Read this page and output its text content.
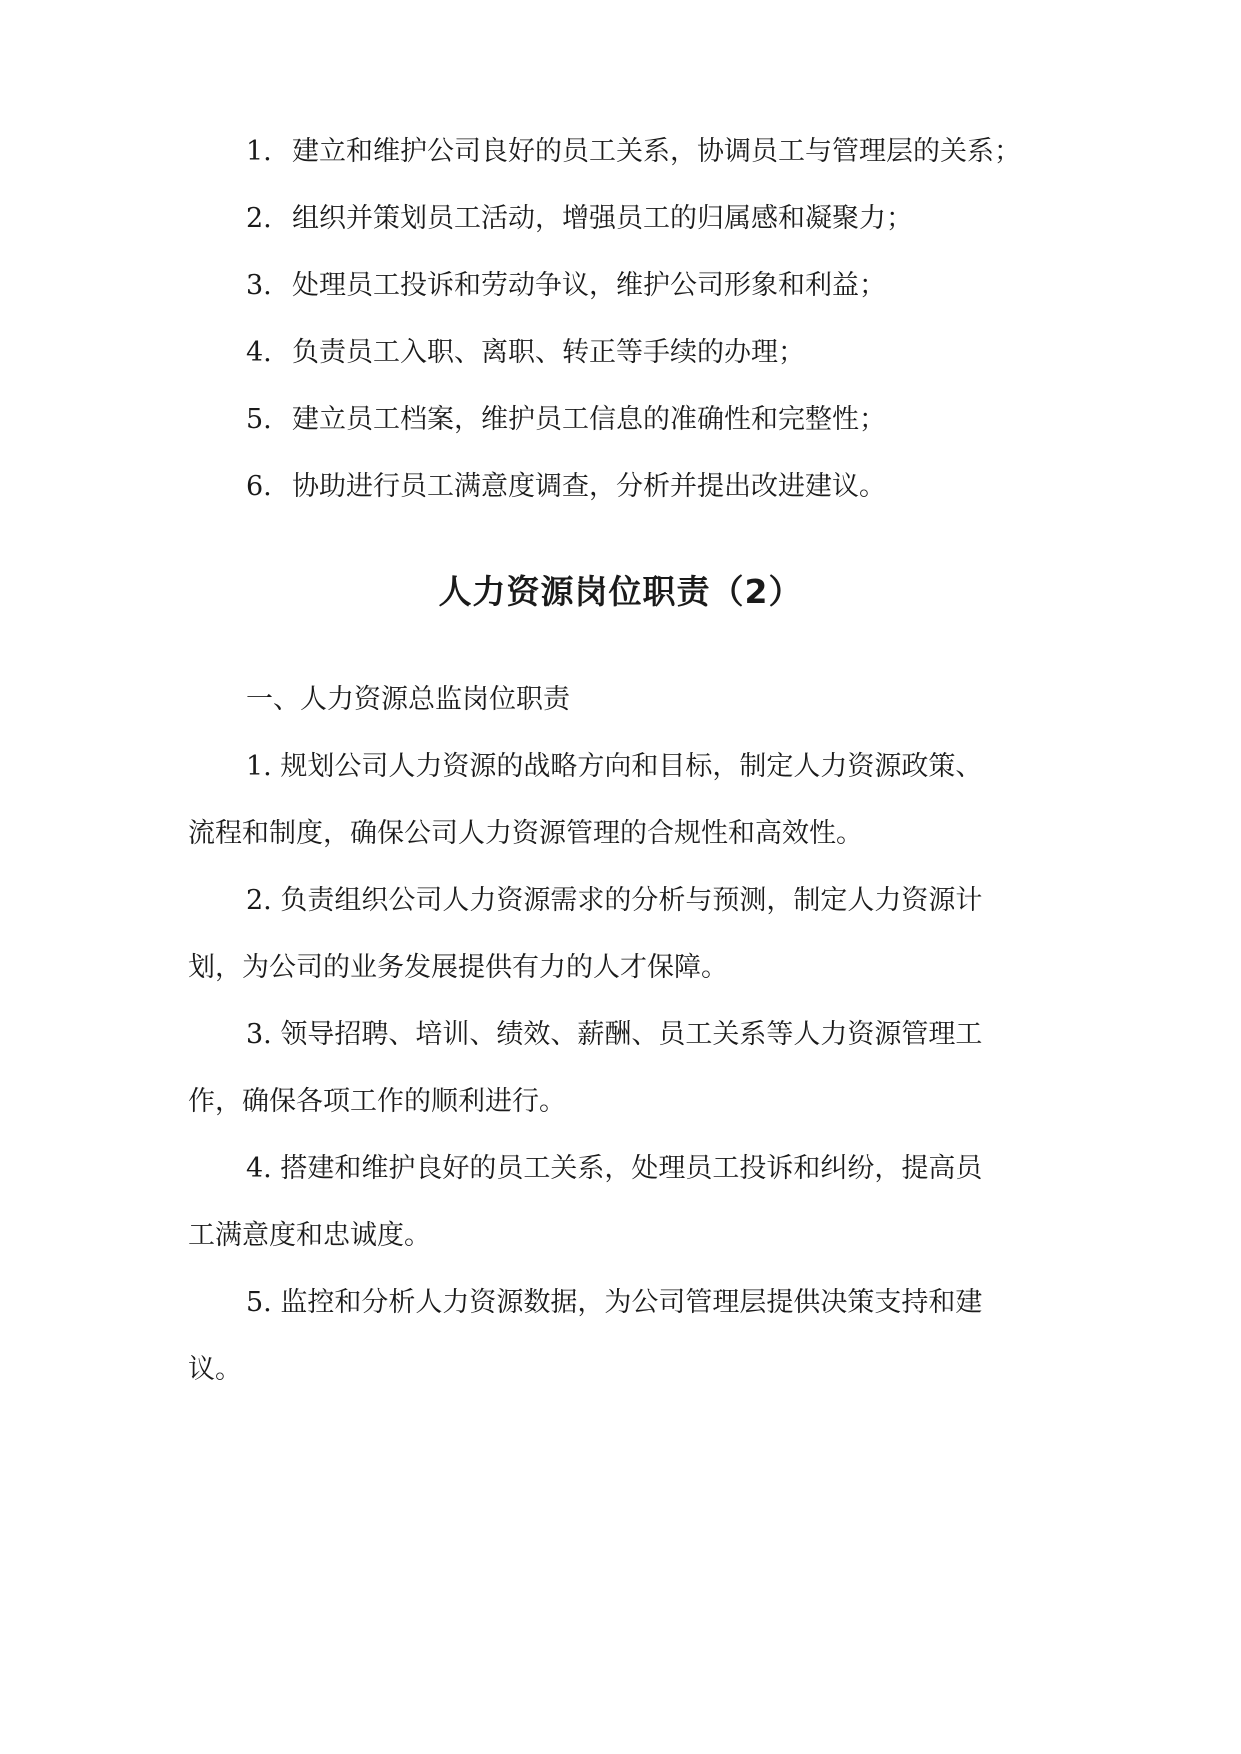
1. 建立和维护公司良好的员工关系，协调员工与管理层的关系；
2. 组织并策划员工活动，增强员工的归属感和凝聚力；
3. 处理员工投诉和劳动争议，维护公司形象和利益；
4. 负责员工入职、离职、转正等手续的办理；
5. 建立员工档案，维护员工信息的准确性和完整性；
6. 协助进行员工满意度调查，分析并提出改进建议。
人力资源岗位职责（2）
一、人力资源总监岗位职责
1. 规划公司人力资源的战略方向和目标，制定人力资源政策、
流程和制度，确保公司人力资源管理的合规性和高效性。
2. 负责组织公司人力资源需求的分析与预测，制定人力资源计
划，为公司的业务发展提供有力的人才保障。
3. 领导招聘、培训、绩效、薪酬、员工关系等人力资源管理工
作，确保各项工作的顺利进行。
4. 搭建和维护良好的员工关系，处理员工投诉和纠纷，提高员
工满意度和忠诚度。
5. 监控和分析人力资源数据，为公司管理层提供决策支持和建
议。
